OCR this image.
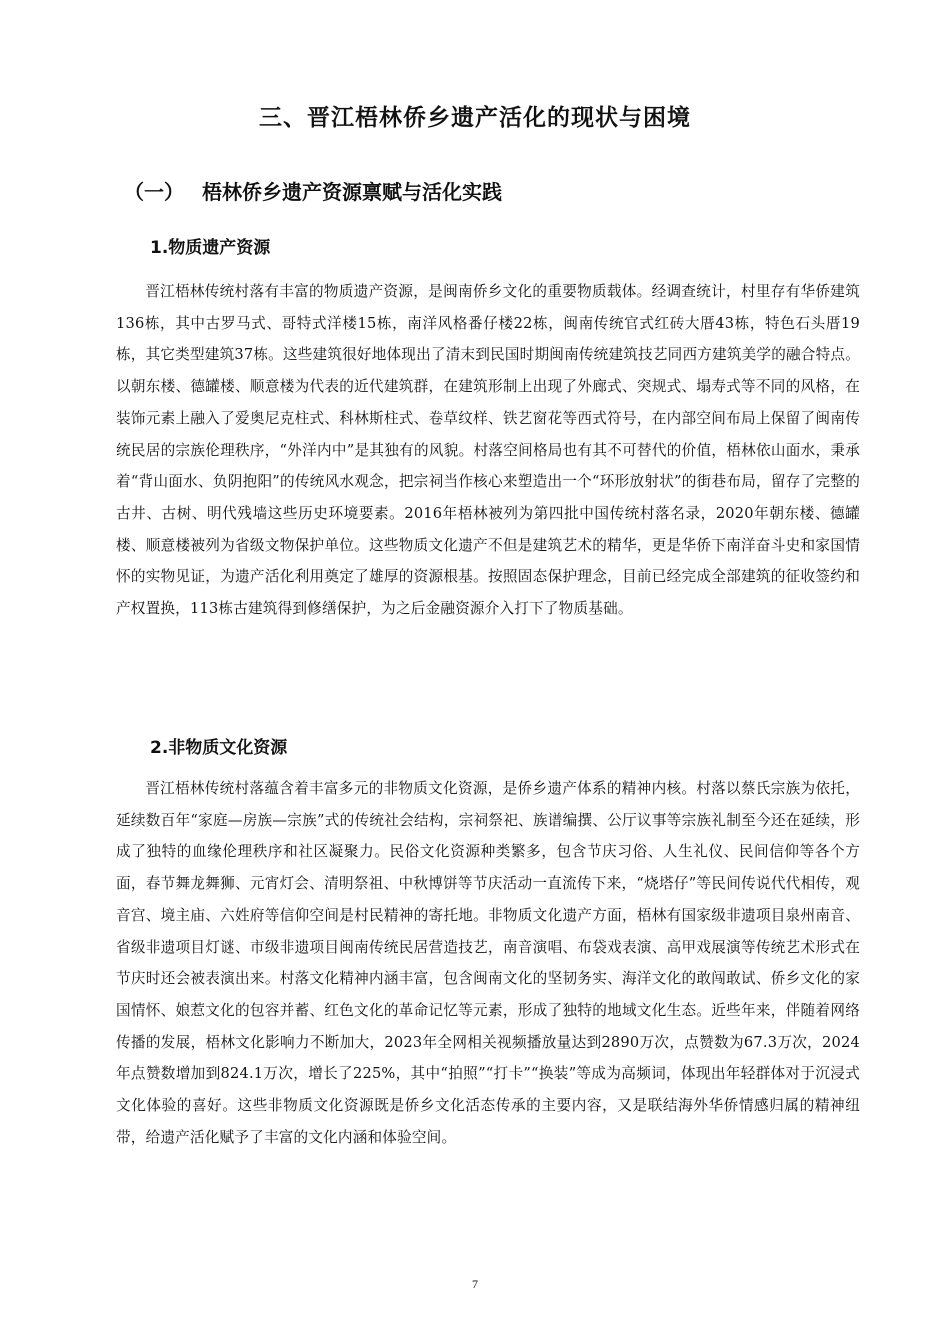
三、晋江梧林侨乡遗产活化的现状与困境
（一） 梧林侨乡遗产资源禀赋与活化实践
1.物质遗产资源

晋江梧林传统村落有丰富的物质遗产资源，是闽南侨乡文化的重要物质载体。经调查统计，村里存有华侨建筑136栋，其中古罗马式、哥特式洋楼15栋，南洋风格番仔楼22栋，闽南传统官式红砖大厝43栋，特色石头厝19栋，其它类型建筑37栋。这些建筑很好地体现出了清末到民国时期闽南传统建筑技艺同西方建筑美学的融合特点。以朝东楼、德罐楼、顺意楼为代表的近代建筑群，在建筑形制上出现了外廊式、突规式、塌寿式等不同的风格，在装饰元素上融入了爱奥尼克柱式、科林斯柱式、卷草纹样、铁艺窗花等西式符号，在内部空间布局上保留了闽南传统民居的宗族伦理秩序，“外洋内中”是其独有的风貌。村落空间格局也有其不可替代的价值，梧林依山面水，秉承着“背山面水、负阴抱阳”的传统风水观念，把宗祠当作核心来塑造出一个“环形放射状”的街巷布局，留存了完整的古井、古树、明代残墙这些历史环境要素。2016年梧林被列为第四批中国传统村落名录，2020年朝东楼、德罐楼、顺意楼被列为省级文物保护单位。这些物质文化遗产不但是建筑艺术的精华，更是华侨下南洋奋斗史和家国情怀的实物见证，为遗产活化利用奠定了雄厚的资源根基。按照固态保护理念，目前已经完成全部建筑的征收签约和产权置换，113栋古建筑得到修缮保护，为之后金融资源介入打下了物质基础。

2.非物质文化资源

晋江梧林传统村落蕴含着丰富多元的非物质文化资源，是侨乡遗产体系的精神内核。村落以蔡氏宗族为依托，延续数百年“家庭—房族—宗族”式的传统社会结构，宗祠祭祀、族谱编撰、公厅议事等宗族礼制至今还在延续，形成了独特的血缘伦理秩序和社区凝聚力。民俗文化资源种类繁多，包含节庆习俗、人生礼仪、民间信仰等各个方面，春节舞龙舞狮、元宵灯会、清明祭祖、中秋博饼等节庆活动一直流传下来，“烧塔仔”等民间传说代代相传，观音宫、境主庙、六姓府等信仰空间是村民精神的寄托地。非物质文化遗产方面，梧林有国家级非遗项目泉州南音、省级非遗项目灯谜、市级非遗项目闽南传统民居营造技艺，南音演唱、布袋戏表演、高甲戏展演等传统艺术形式在节庆时还会被表演出来。村落文化精神内涵丰富，包含闽南文化的坚韧务实、海洋文化的敢闯敢试、侨乡文化的家国情怀、娘惹文化的包容并蓄、红色文化的革命记忆等元素，形成了独特的地域文化生态。近些年来，伴随着网络传播的发展，梧林文化影响力不断加大，2023年全网相关视频播放量达到2890万次，点赞数为67.3万次，2024年点赞数增加到824.1万次，增长了225%，其中“拍照”“打卡”“换装”等成为高频词，体现出年轻群体对于沉浸式文化体验的喜好。这些非物质文化资源既是侨乡文化活态传承的主要内容，又是联结海外华侨情感归属的精神纽带，给遗产活化赋予了丰富的文化内涵和体验空间。

7
